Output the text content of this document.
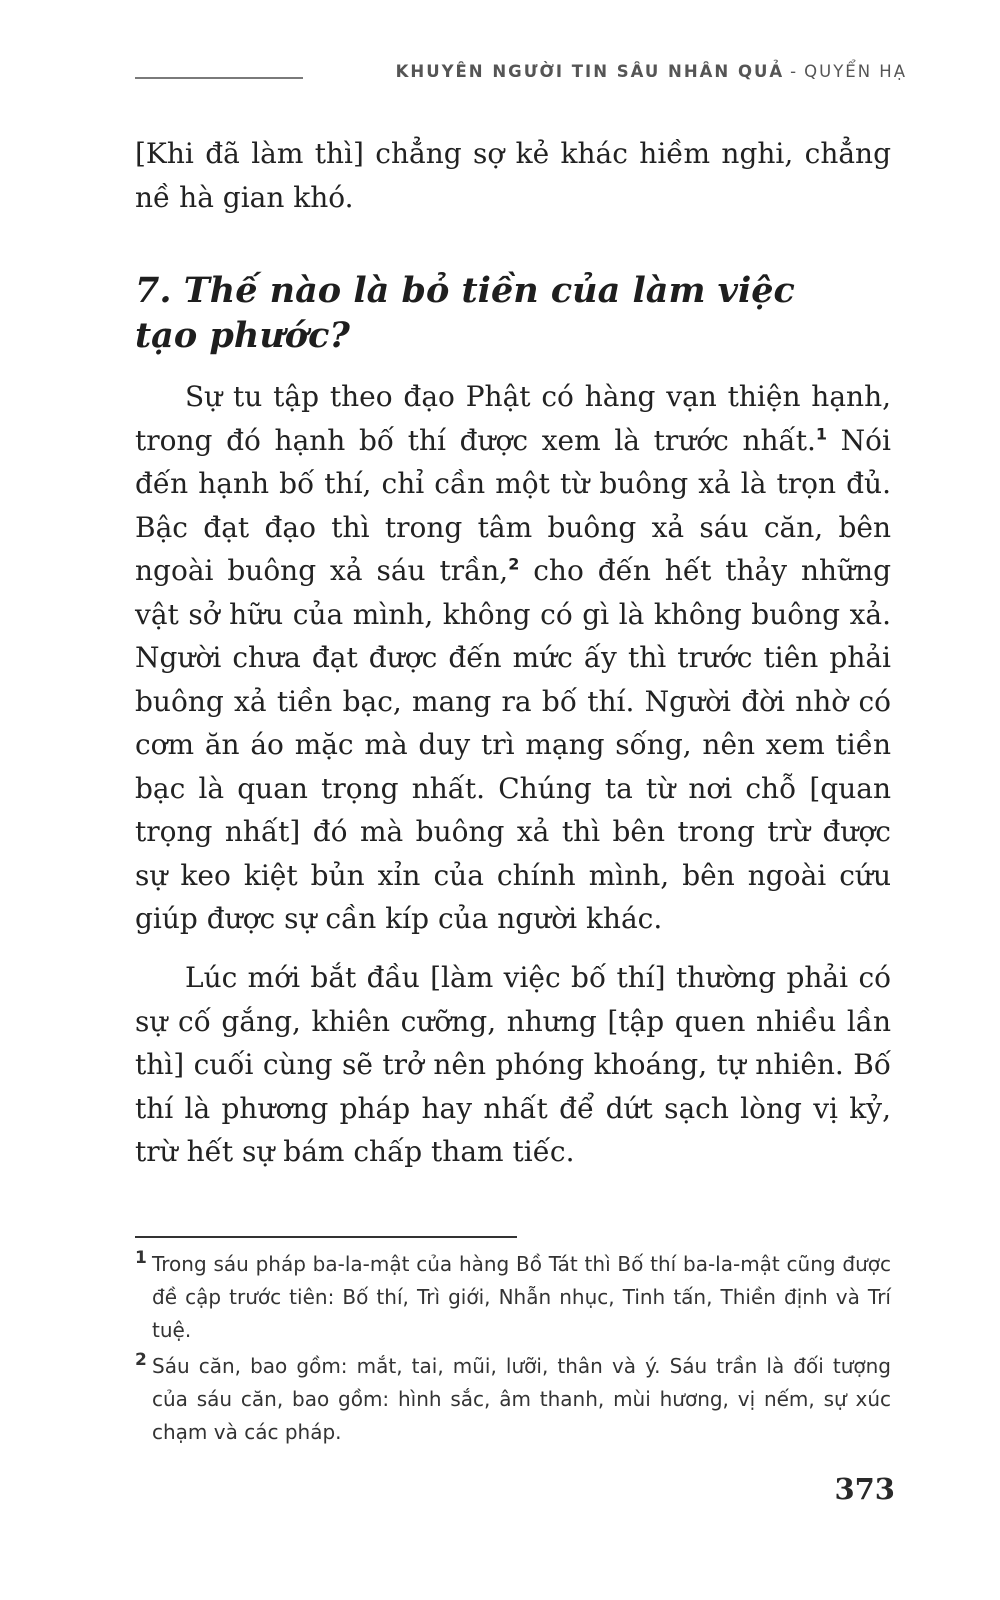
KHUYÊN NGƯỜI TIN SÂU NHÂN QUẢ - QUYỂN HẠ

[Khi đã làm thì] chẳng sợ kẻ khác hiềm nghi, chẳng nề hà gian khó.

7. Thế nào là bỏ tiền của làm việc tạo phước?

Sự tu tập theo đạo Phật có hàng vạn thiện hạnh, trong đó hạnh bố thí được xem là trước nhất.$^1$ Nói đến hạnh bố thí, chỉ cần một từ buông xả là trọn đủ. Bậc đạt đạo thì trong tâm buông xả sáu căn, bên ngoài buông xả sáu trần,$^2$ cho đến hết thảy những vật sở hữu của mình, không có gì là không buông xả. Người chưa đạt được đến mức ấy thì trước tiên phải buông xả tiền bạc, mang ra bố thí. Người đời nhờ có cơm ăn áo mặc mà duy trì mạng sống, nên xem tiền bạc là quan trọng nhất. Chúng ta từ nơi chỗ [quan trọng nhất] đó mà buông xả thì bên trong trừ được sự keo kiệt bủn xỉn của chính mình, bên ngoài cứu giúp được sự cần kíp của người khác.

Lúc mới bắt đầu [làm việc bố thí] thường phải có sự cố gắng, khiên cưỡng, nhưng [tập quen nhiều lần thì] cuối cùng sẽ trở nên phóng khoáng, tự nhiên. Bố thí là phương pháp hay nhất để dứt sạch lòng vị kỷ, trừ hết sự bám chấp tham tiếc.

1 Trong sáu pháp ba-la-mật của hàng Bồ Tát thì Bố thí ba-la-mật cũng được đề cập trước tiên: Bố thí, Trì giới, Nhẫn nhục, Tinh tấn, Thiền định và Trí tuệ.
2 Sáu căn, bao gồm: mắt, tai, mũi, lưỡi, thân và ý. Sáu trần là đối tượng của sáu căn, bao gồm: hình sắc, âm thanh, mùi hương, vị nếm, sự xúc chạm và các pháp.
373
